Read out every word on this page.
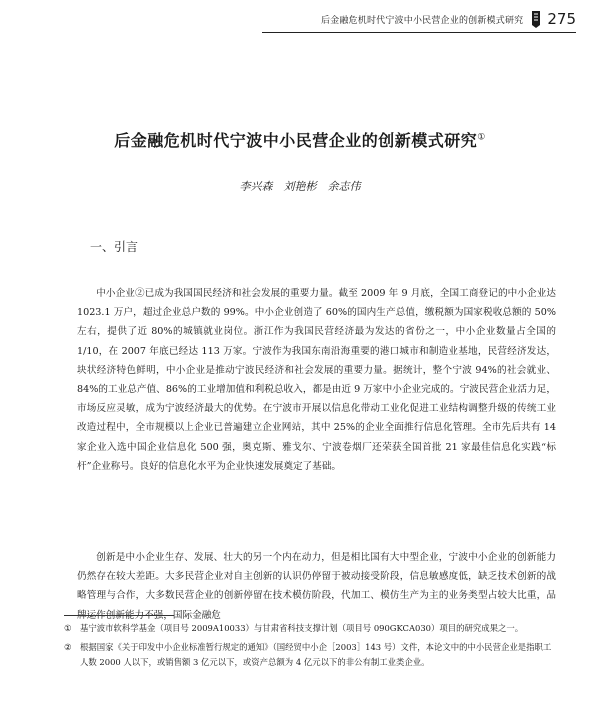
后金融危机时代宁波中小民营企业的创新模式研究 275
后金融危机时代宁波中小民营企业的创新模式研究①
李兴森　刘艳彬　余志伟
一、引言

中小企业②已成为我国国民经济和社会发展的重要力量。截至 2009 年 9 月底，全国工商登记的中小企业达 1023.1 万户，超过企业总户数的 99%。中小企业创造了 60%的国内生产总值，缴税额为国家税收总额的 50%左右，提供了近 80%的城镇就业岗位。浙江作为我国民营经济最为发达的省份之一，中小企业数量占全国的 1/10，在 2007 年底已经达 113 万家。宁波作为我国东南沿海重要的港口城市和制造业基地，民营经济发达，块状经济特色鲜明，中小企业是推动宁波民经济和社会发展的重要力量。据统计，整个宁波 94%的社会就业、84%的工业总产值、86%的工业增加值和利税总收入，都是由近 9 万家中小企业完成的。宁波民营企业活力足，市场反应灵敏，成为宁波经济最大的优势。在宁波市开展以信息化带动工业化促进工业结构调整升级的传统工业改造过程中，全市规模以上企业已普遍建立企业网站，其中 25%的企业全面推行信息化管理。全市先后共有 14 家企业入选中国企业信息化 500 强，奥克斯、雅戈尔、宁波卷烟厂还荣获全国首批 21 家最佳信息化实践“标杆”企业称号。良好的信息化水平为企业快速发展奠定了基础。

创新是中小企业生存、发展、壮大的另一个内在动力，但是相比国有大中型企业，宁波中小企业的创新能力仍然存在较大差距。大多民营企业对自主创新的认识仍停留于被动接受阶段，信息敏感度低，缺乏技术创新的战略管理与合作，大多数民营企业的创新停留在技术模仿阶段，代加工、模仿生产为主的业务类型占较大比重，品牌运作创新能力不强，国际金融危

①	基宁波市软科学基金（项目号 2009A10033）与甘肃省科技支撑计划（项目号 090GKCA030）项目的研究成果之一。
②	根据国家《关于印发中小企业标准暂行规定的通知》（国经贸中小企［2003］143 号）文件，本论文中的中小民营企业是指职工人数 2000 人以下，或销售额 3 亿元以下，或资产总额为 4 亿元以下的非公有制工业类企业。
